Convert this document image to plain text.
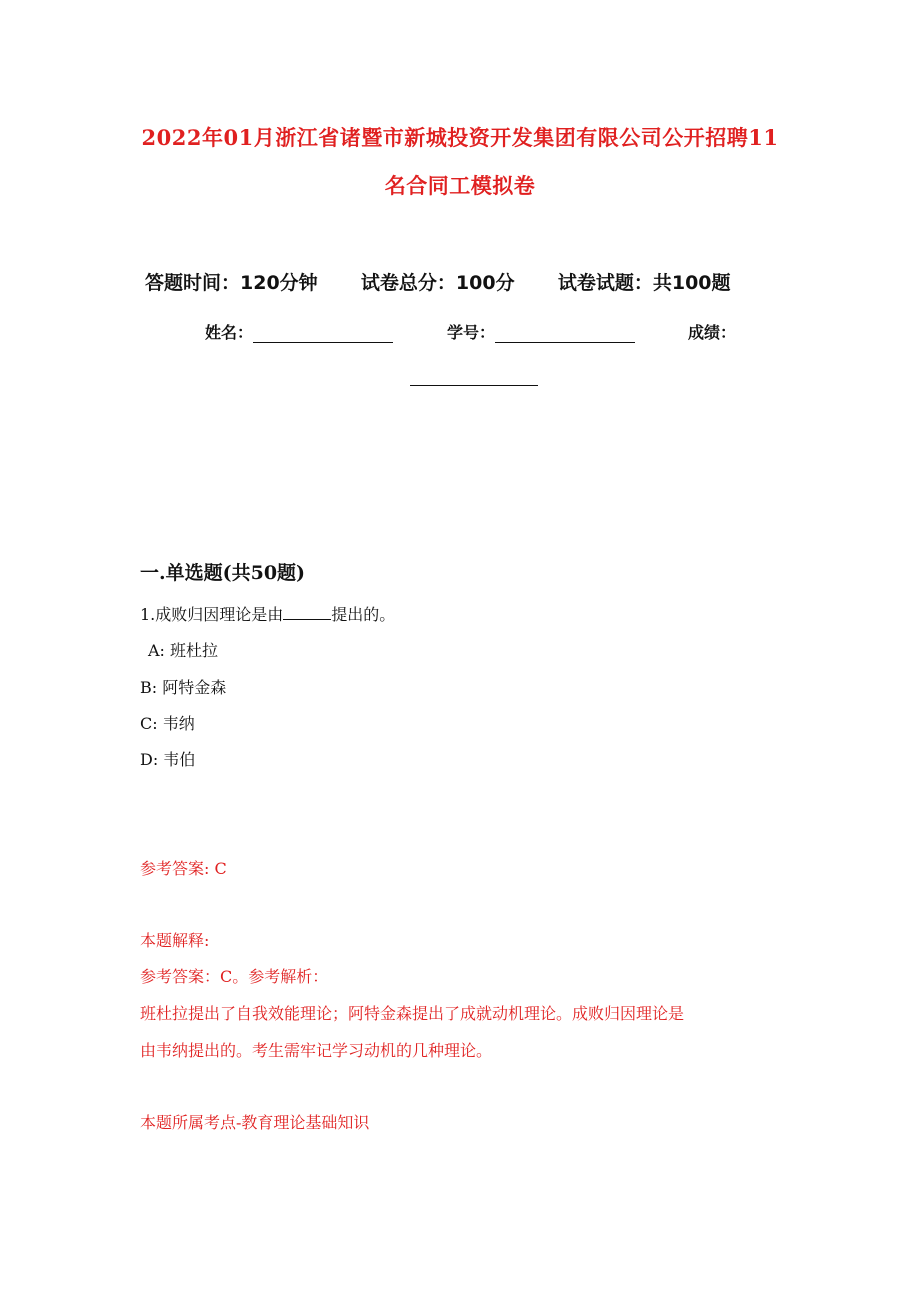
2022年01月浙江省诸暨市新城投资开发集团有限公司公开招聘11
名合同工模拟卷
答题时间：120分钟 试卷总分：100分 试卷试题：共100题
姓名：	学号：	成绩：
一.单选题(共50题)
1.成败归因理论是由	提出的。
A: 班杜拉
B: 阿特金森
C: 韦纳
D: 韦伯
参考答案: C
本题解释:
参考答案：C。参考解析：
班杜拉提出了自我效能理论；阿特金森提出了成就动机理论。成败归因理论是
由韦纳提出的。考生需牢记学习动机的几种理论。
本题所属考点-教育理论基础知识
